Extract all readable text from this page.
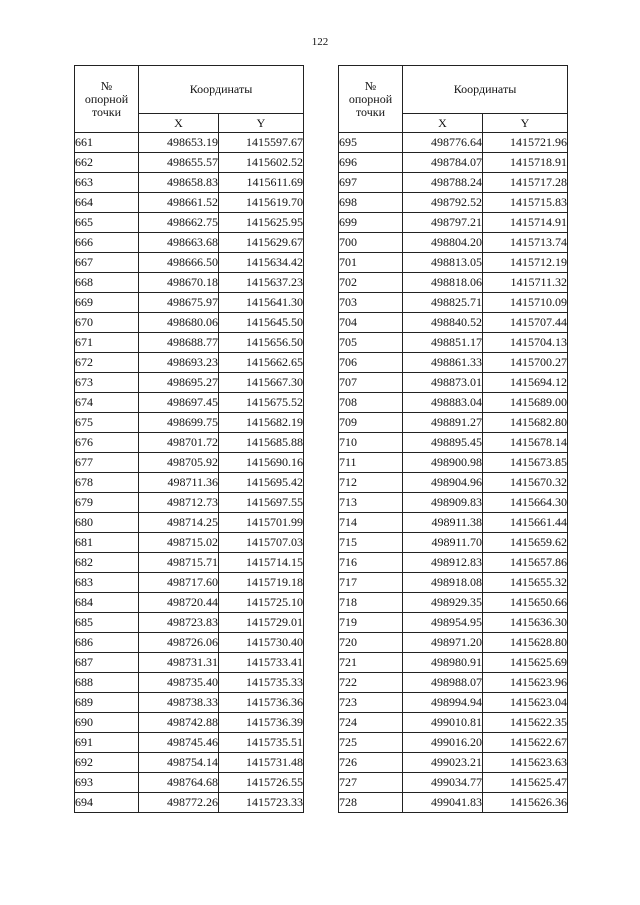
122
№
опорной
точки	Координаты	
	X	Y
661	498653.19	1415597.67
662	498655.57	1415602.52
663	498658.83	1415611.69
664	498661.52	1415619.70
665	498662.75	1415625.95
666	498663.68	1415629.67
667	498666.50	1415634.42
668	498670.18	1415637.23
669	498675.97	1415641.30
670	498680.06	1415645.50
671	498688.77	1415656.50
672	498693.23	1415662.65
673	498695.27	1415667.30
674	498697.45	1415675.52
675	498699.75	1415682.19
676	498701.72	1415685.88
677	498705.92	1415690.16
678	498711.36	1415695.42
679	498712.73	1415697.55
680	498714.25	1415701.99
681	498715.02	1415707.03
682	498715.71	1415714.15
683	498717.60	1415719.18
684	498720.44	1415725.10
685	498723.83	1415729.01
686	498726.06	1415730.40
687	498731.31	1415733.41
688	498735.40	1415735.33
689	498738.33	1415736.36
690	498742.88	1415736.39
691	498745.46	1415735.51
692	498754.14	1415731.48
693	498764.68	1415726.55
694	498772.26	1415723.33
№
опорной
точки	Координаты	
	X	Y
695	498776.64	1415721.96
696	498784.07	1415718.91
697	498788.24	1415717.28
698	498792.52	1415715.83
699	498797.21	1415714.91
700	498804.20	1415713.74
701	498813.05	1415712.19
702	498818.06	1415711.32
703	498825.71	1415710.09
704	498840.52	1415707.44
705	498851.17	1415704.13
706	498861.33	1415700.27
707	498873.01	1415694.12
708	498883.04	1415689.00
709	498891.27	1415682.80
710	498895.45	1415678.14
711	498900.98	1415673.85
712	498904.96	1415670.32
713	498909.83	1415664.30
714	498911.38	1415661.44
715	498911.70	1415659.62
716	498912.83	1415657.86
717	498918.08	1415655.32
718	498929.35	1415650.66
719	498954.95	1415636.30
720	498971.20	1415628.80
721	498980.91	1415625.69
722	498988.07	1415623.96
723	498994.94	1415623.04
724	499010.81	1415622.35
725	499016.20	1415622.67
726	499023.21	1415623.63
727	499034.77	1415625.47
728	499041.83	1415626.36
